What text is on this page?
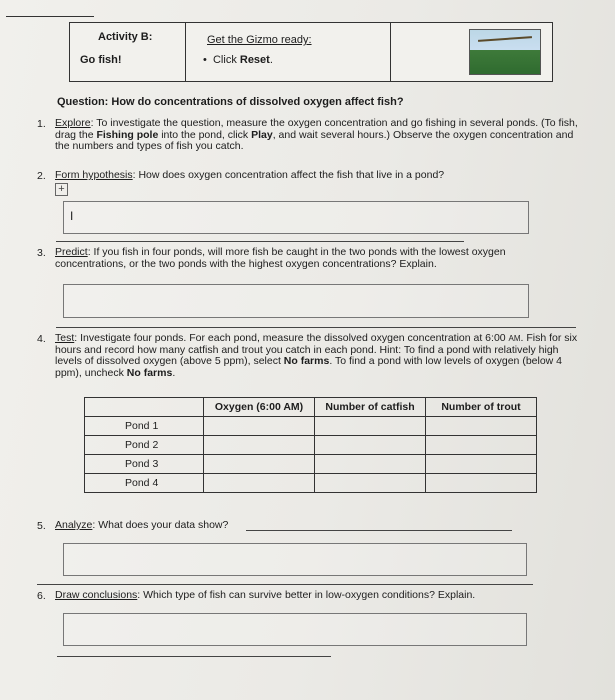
Activity B:
Go fish!
Get the Gizmo ready:
• Click Reset.
Question: How do concentrations of dissolved oxygen affect fish?
1. Explore: To investigate the question, measure the oxygen concentration and go fishing in several ponds. (To fish, drag the Fishing pole into the pond, click Play, and wait several hours.) Observe the oxygen concentration and the numbers and types of fish you catch.
2. Form hypothesis: How does oxygen concentration affect the fish that live in a pond?
+
I
3. Predict: If you fish in four ponds, will more fish be caught in the two ponds with the lowest oxygen concentrations, or the two ponds with the highest oxygen concentrations? Explain.
4. Test: Investigate four ponds. For each pond, measure the dissolved oxygen concentration at 6:00 AM. Fish for six hours and record how many catfish and trout you catch in each pond. Hint: To find a pond with relatively high levels of dissolved oxygen (above 5 ppm), select No farms. To find a pond with low levels of oxygen (below 4 ppm), uncheck No farms.
	Oxygen (6:00 AM)	Number of catfish	Number of trout
Pond 1			
Pond 2			
Pond 3			
Pond 4			
5. Analyze: What does your data show?
6. Draw conclusions: Which type of fish can survive better in low-oxygen conditions? Explain.
